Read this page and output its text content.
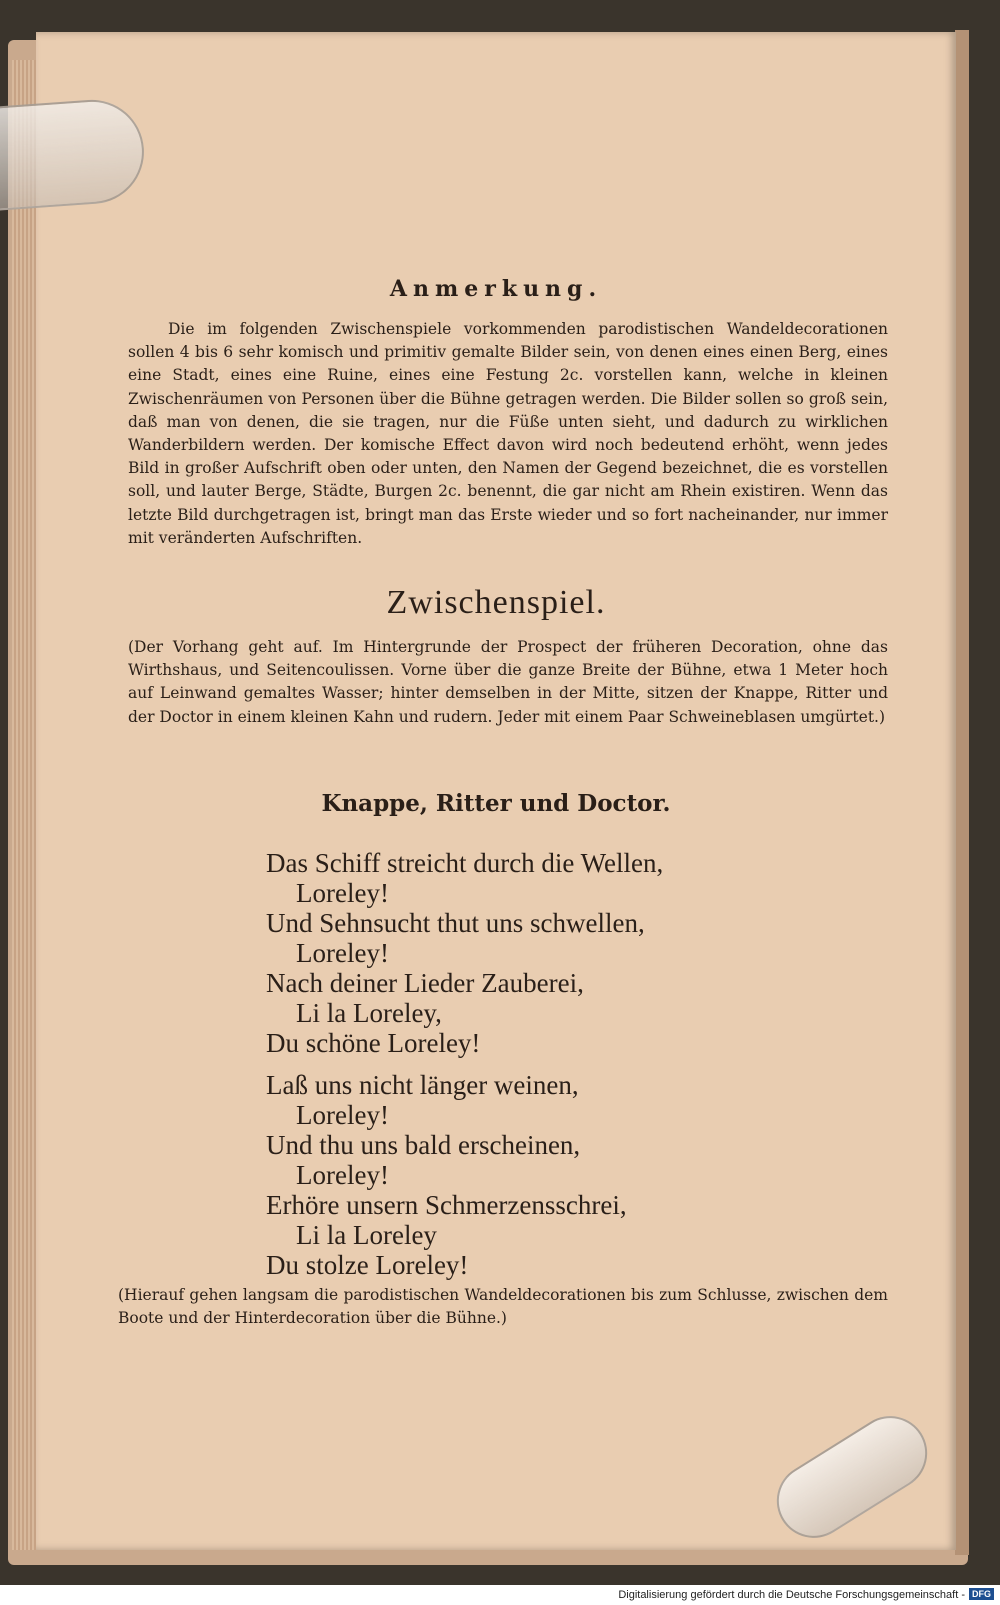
Anmerkung.
Die im folgenden Zwischenspiele vorkommenden parodistischen Wandeldecorationen sollen 4 bis 6 sehr komisch und primitiv gemalte Bilder sein, von denen eines einen Berg, eines eine Stadt, eines eine Ruine, eines eine Festung 2c. vorstellen kann, welche in kleinen Zwischenräumen von Personen über die Bühne getragen werden. Die Bilder sollen so groß sein, daß man von denen, die sie tragen, nur die Füße unten sieht, und dadurch zu wirklichen Wanderbildern werden. Der komische Effect davon wird noch bedeutend erhöht, wenn jedes Bild in großer Aufschrift oben oder unten, den Namen der Gegend bezeichnet, die es vorstellen soll, und lauter Berge, Städte, Burgen 2c. benennt, die gar nicht am Rhein existiren. Wenn das letzte Bild durchgetragen ist, bringt man das Erste wieder und so fort nacheinander, nur immer mit veränderten Aufschriften.
Zwischenspiel.
(Der Vorhang geht auf. Im Hintergrunde der Prospect der früheren Decoration, ohne das Wirthshaus, und Seitencoulissen. Vorne über die ganze Breite der Bühne, etwa 1 Meter hoch auf Leinwand gemaltes Wasser; hinter demselben in der Mitte, sitzen der Knappe, Ritter und der Doctor in einem kleinen Kahn und rudern. Jeder mit einem Paar Schweineblasen umgürtet.)
Knappe, Ritter und Doctor.
Das Schiff streicht durch die Wellen,
Loreley!
Und Sehnsucht thut uns schwellen,
Loreley!
Nach deiner Lieder Zauberei,
Li la Loreley,
Du schöne Loreley!
Laß uns nicht länger weinen,
Loreley!
Und thu uns bald erscheinen,
Loreley!
Erhöre unsern Schmerzensschrei,
Li la Loreley
Du stolze Loreley!
(Hierauf gehen langsam die parodistischen Wandeldecorationen bis zum Schlusse, zwischen dem Boote und der Hinterdecoration über die Bühne.)
Digitalisierung gefördert durch die Deutsche Forschungsgemeinschaft - DFG
